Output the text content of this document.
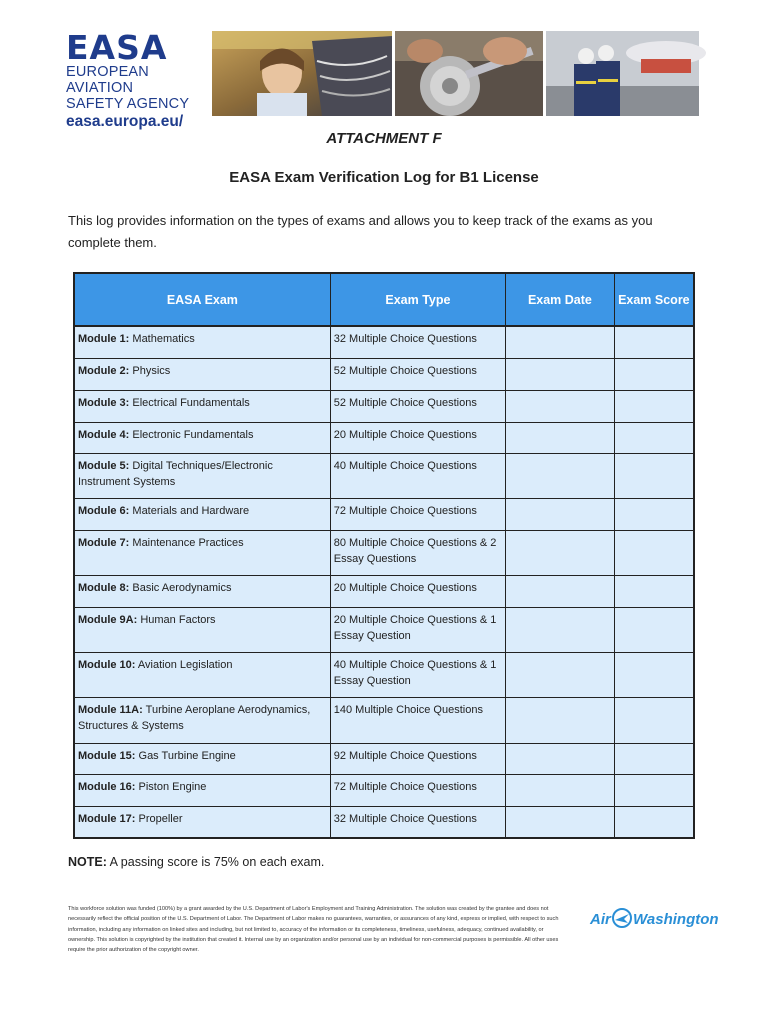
EASA
EUROPEAN AVIATION
SAFETY AGENCY
easa.europa.eu/
ATTACHMENT F
EASA Exam Verification Log for B1 License
This log provides information on the types of exams and allows you to keep track of the exams as you complete them.
EASA Exam	Exam Type	Exam Date	Exam Score
Module 1: Mathematics	32 Multiple Choice Questions		
Module 2: Physics	52 Multiple Choice Questions		
Module 3: Electrical Fundamentals	52 Multiple Choice Questions		
Module 4: Electronic Fundamentals	20 Multiple Choice Questions		
Module 5: Digital Techniques/Electronic Instrument Systems	40 Multiple Choice Questions		
Module 6: Materials and Hardware	72 Multiple Choice Questions		
Module 7: Maintenance Practices	80 Multiple Choice Questions & 2 Essay Questions		
Module 8: Basic Aerodynamics	20 Multiple Choice Questions		
Module 9A: Human Factors	20 Multiple Choice Questions & 1 Essay Question		
Module 10: Aviation Legislation	40 Multiple Choice Questions & 1 Essay Question		
Module 11A: Turbine Aeroplane Aerodynamics, Structures & Systems	140 Multiple Choice Questions		
Module 15: Gas Turbine Engine	92 Multiple Choice Questions		
Module 16: Piston Engine	72 Multiple Choice Questions		
Module 17: Propeller	32 Multiple Choice Questions		
NOTE: A passing score is 75% on each exam.
This workforce solution was funded (100%) by a grant awarded by the U.S. Department of Labor's Employment and Training Administration. The solution was created by the grantee and does not necessarily reflect the official position of the U.S. Department of Labor. The Department of Labor makes no guarantees, warranties, or assurances of any kind, express or implied, with respect to such information, including any information on linked sites and including, but not limited to, accuracy of the information or its completeness, timeliness, usefulness, adequacy, continued availability, or ownership. This solution is copyrighted by the institution that created it. Internal use by an organization and/or personal use by an individual for non-commercial purposes is permissible. All other uses require the prior authorization of the copyright owner.
Air Washington
